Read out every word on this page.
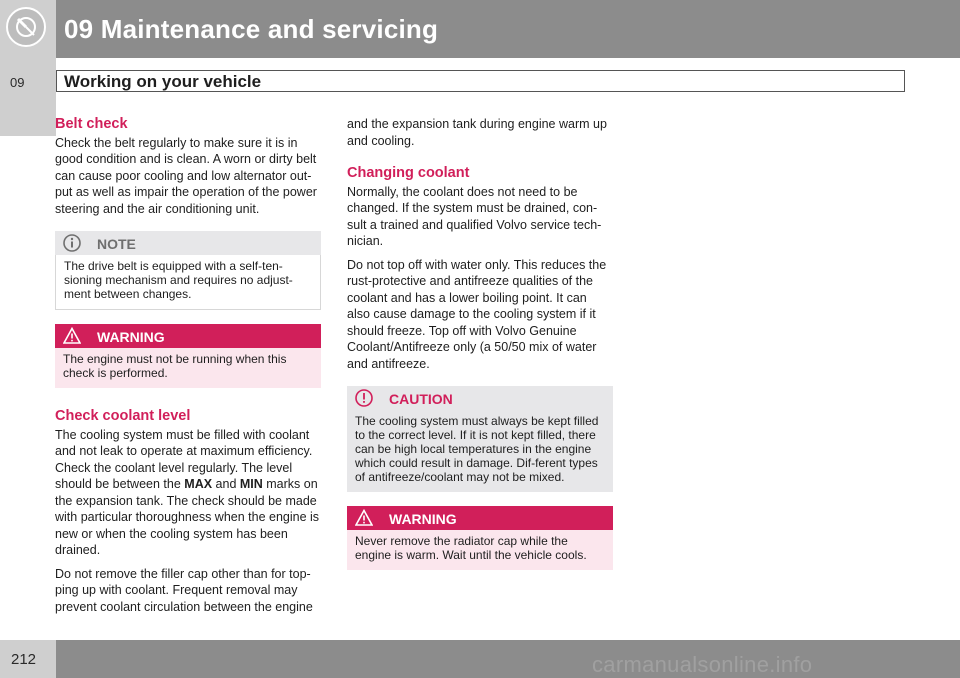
09 Maintenance and servicing
09 Working on your vehicle
Belt check

Check the belt regularly to make sure it is in good condition and is clean. A worn or dirty belt can cause poor cooling and low alternator out-put as well as impair the operation of the power steering and the air conditioning unit.

NOTE
The drive belt is equipped with a self-ten-sioning mechanism and requires no adjust-ment between changes.
WARNING
The engine must not be running when this check is performed.
Check coolant level

The cooling system must be filled with coolant and not leak to operate at maximum efficiency. Check the coolant level regularly. The level should be between the MAX and MIN marks on the expansion tank. The check should be made with particular thoroughness when the engine is new or when the cooling system has been drained.

Do not remove the filler cap other than for top-ping up with coolant. Frequent removal may prevent coolant circulation between the engine

and the expansion tank during engine warm up and cooling.

Changing coolant

Normally, the coolant does not need to be changed. If the system must be drained, con-sult a trained and qualified Volvo service tech-nician.

Do not top off with water only. This reduces the rust-protective and antifreeze qualities of the coolant and has a lower boiling point. It can also cause damage to the cooling system if it should freeze. Top off with Volvo Genuine Coolant/Antifreeze only (a 50/50 mix of water and antifreeze.

CAUTION
The cooling system must always be kept filled to the correct level. If it is not kept filled, there can be high local temperatures in the engine which could result in damage. Dif-ferent types of antifreeze/coolant may not be mixed.
WARNING
Never remove the radiator cap while the engine is warm. Wait until the vehicle cools.
212	carmanualsonline.info
